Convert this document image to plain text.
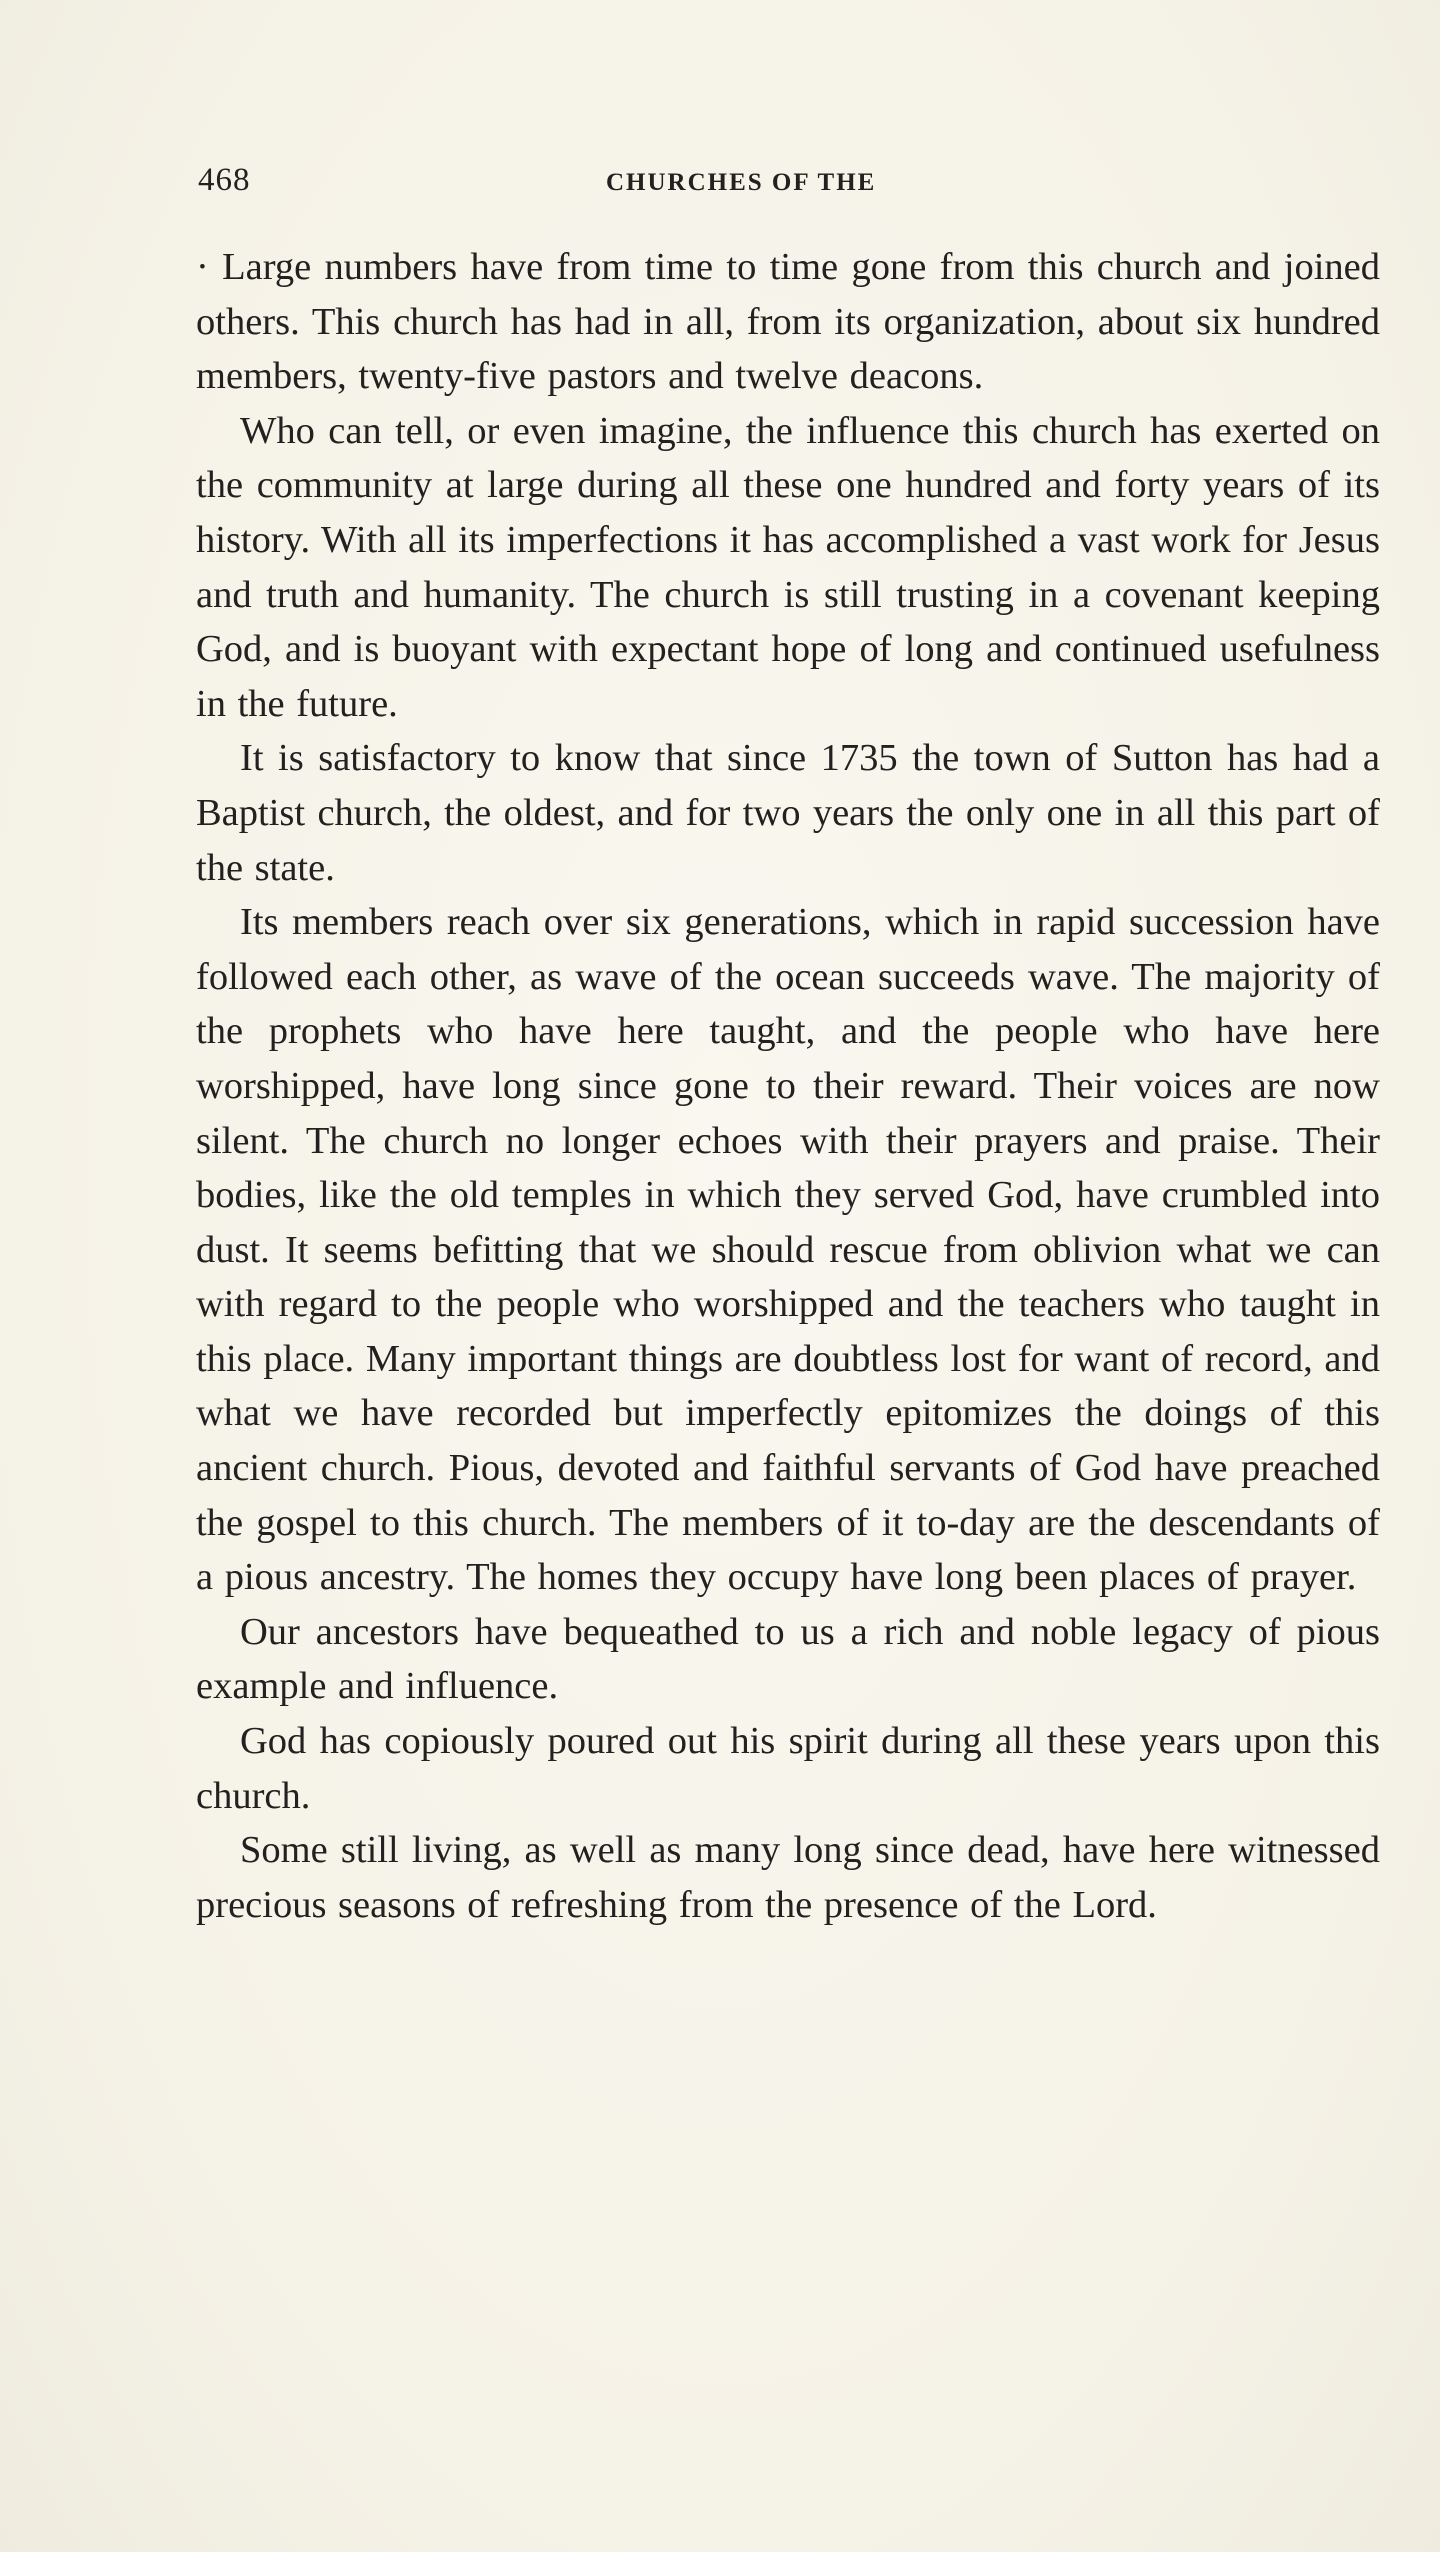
468	CHURCHES OF THE

· Large numbers have from time to time gone from this church and joined others. This church has had in all, from its organization, about six hundred members, twenty-five pastors and twelve deacons.

Who can tell, or even imagine, the influence this church has exerted on the community at large during all these one hundred and forty years of its history. With all its imperfections it has accomplished a vast work for Jesus and truth and humanity. The church is still trusting in a covenant keeping God, and is buoyant with expectant hope of long and continued usefulness in the future.

It is satisfactory to know that since 1735 the town of Sutton has had a Baptist church, the oldest, and for two years the only one in all this part of the state.

Its members reach over six generations, which in rapid succession have followed each other, as wave of the ocean succeeds wave. The majority of the prophets who have here taught, and the people who have here worshipped, have long since gone to their reward. Their voices are now silent. The church no longer echoes with their prayers and praise. Their bodies, like the old temples in which they served God, have crumbled into dust. It seems befitting that we should rescue from oblivion what we can with regard to the people who worshipped and the teachers who taught in this place. Many important things are doubtless lost for want of record, and what we have recorded but imperfectly epitomizes the doings of this ancient church. Pious, devoted and faithful servants of God have preached the gospel to this church. The members of it to-day are the descendants of a pious ancestry. The homes they occupy have long been places of prayer.

Our ancestors have bequeathed to us a rich and noble legacy of pious example and influence.

God has copiously poured out his spirit during all these years upon this church.

Some still living, as well as many long since dead, have here witnessed precious seasons of refreshing from the presence of the Lord.
